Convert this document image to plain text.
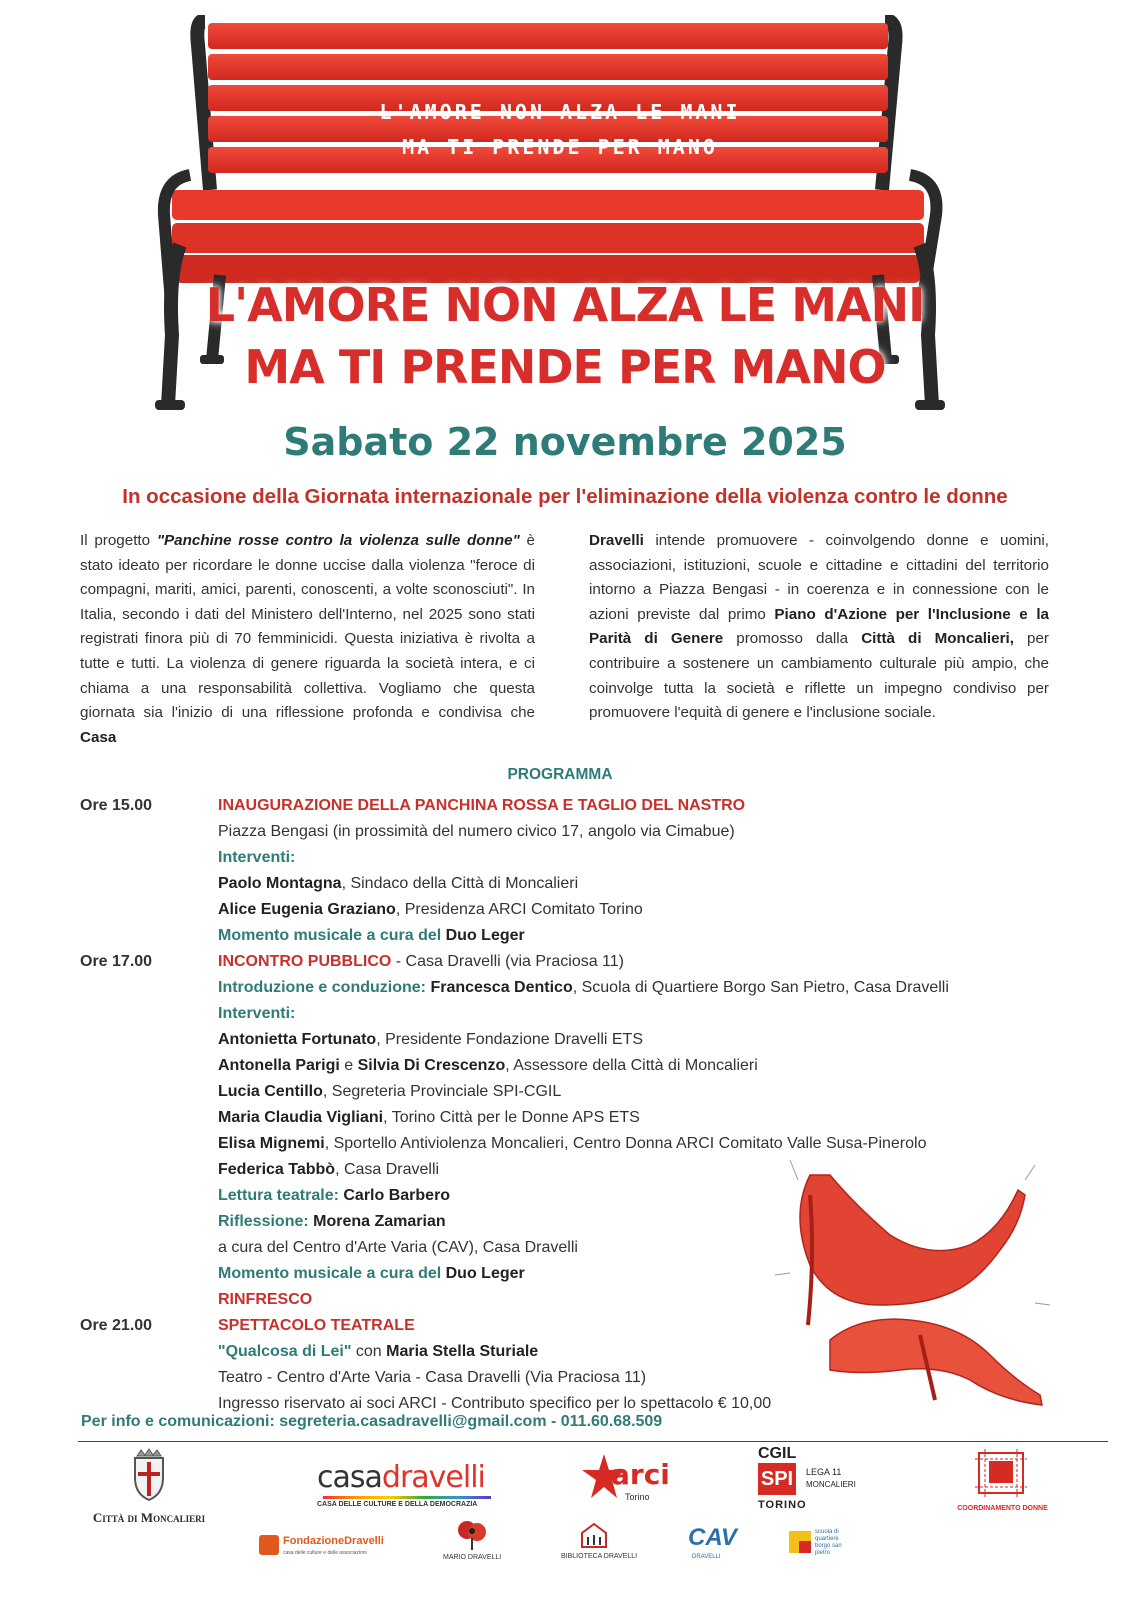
L'AMORE NON ALZA LE MANI
MA TI PRENDE PER MANO
L'AMORE NON ALZA LE MANI
MA TI PRENDE PER MANO
Sabato 22 novembre 2025
In occasione della Giornata internazionale per l'eliminazione della violenza contro le donne
Il progetto "Panchine rosse contro la violenza sulle donne" è stato ideato per ricordare le donne uccise dalla violenza "feroce di compagni, mariti, amici, parenti, conoscenti, a volte sconosciuti". In Italia, secondo i dati del Ministero dell'Interno, nel 2025 sono stati registrati finora più di 70 femminicidi. Questa iniziativa è rivolta a tutte e tutti. La violenza di genere riguarda la società intera, e ci chiama a una responsabilità collettiva. Vogliamo che questa giornata sia l'inizio di una riflessione profonda e condivisa che Casa
Dravelli intende promuovere - coinvolgendo donne e uomini, associazioni, istituzioni, scuole e cittadine e cittadini del territorio intorno a Piazza Bengasi - in coerenza e in connessione con le azioni previste dal primo Piano d'Azione per l'Inclusione e la Parità di Genere promosso dalla Città di Moncalieri, per contribuire a sostenere un cambiamento culturale più ampio, che coinvolge tutta la società e riflette un impegno condiviso per promuovere l'equità di genere e l'inclusione sociale.
PROGRAMMA
Ore 15.00	INAUGURAZIONE DELLA PANCHINA ROSSA E TAGLIO DEL NASTRO
Piazza Bengasi (in prossimità del numero civico 17, angolo via Cimabue)
Interventi:
Paolo Montagna, Sindaco della Città di Moncalieri
Alice Eugenia Graziano, Presidenza ARCI Comitato Torino
Momento musicale a cura del Duo Leger
Ore 17.00	INCONTRO PUBBLICO - Casa Dravelli (via Praciosa 11)
Introduzione e conduzione: Francesca Dentico, Scuola di Quartiere Borgo San Pietro, Casa Dravelli
Interventi:
Antonietta Fortunato, Presidente Fondazione Dravelli ETS
Antonella Parigi e Silvia Di Crescenzo, Assessore della Città di Moncalieri
Lucia Centillo, Segreteria Provinciale SPI-CGIL
Maria Claudia Vigliani, Torino Città per le Donne APS ETS
Elisa Mignemi, Sportello Antiviolenza Moncalieri, Centro Donna ARCI Comitato Valle Susa-Pinerolo
Federica Tabbò, Casa Dravelli
Lettura teatrale: Carlo Barbero
Riflessione: Morena Zamarian
a cura del Centro d'Arte Varia (CAV), Casa Dravelli
Momento musicale a cura del Duo Leger
RINFRESCO
Ore 21.00	SPETTACOLO TEATRALE
"Qualcosa di Lei" con Maria Stella Sturiale
Teatro - Centro d'Arte Varia - Casa Dravelli (Via Praciosa 11)
Ingresso riservato ai soci ARCI - Contributo specifico per lo spettacolo € 10,00
Per info e comunicazioni: segreteria.casadravelli@gmail.com - 011.60.68.509
Città di Moncalieri
casadravelli
CASA DELLE CULTURE E DELLA DEMOCRAZIA
arci
Torino
CGIL
SPI	LEGA 11
MONCALIERI
TORINO	COORDINAMENTO DONNE
FondazioneDravelli
casa delle culture e delle associazioni
MARIO DRAVELLI	BIBLIOTECA DRAVELLI
CAV
DRAVELLI
scuola di quartiere borgo san pietro
